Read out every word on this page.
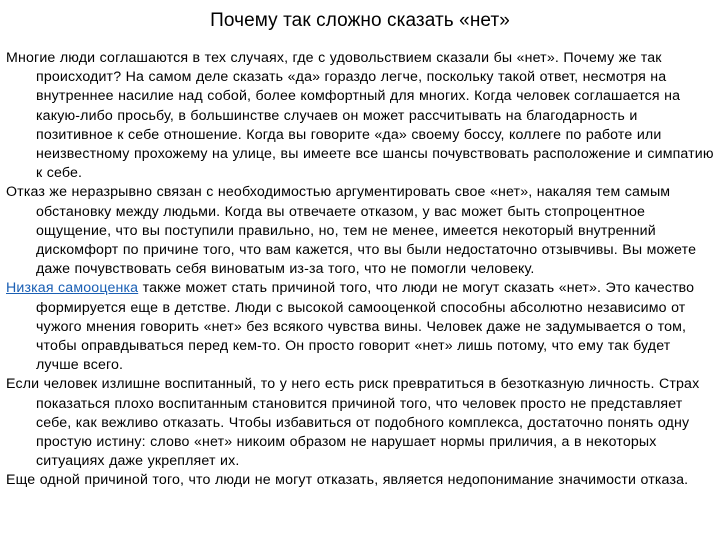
Почему так сложно сказать «нет»

Многие люди соглашаются в тех случаях, где с удовольствием сказали бы «нет». Почему же так происходит? На самом деле сказать «да» гораздо легче, поскольку такой ответ, несмотря на внутреннее насилие над собой, более комфортный для многих. Когда человек соглашается на какую-либо просьбу, в большинстве случаев он может рассчитывать на благодарность и позитивное к себе отношение. Когда вы говорите «да» своему боссу, коллеге по работе или неизвестному прохожему на улице, вы имеете все шансы почувствовать расположение и симпатию к себе.

Отказ же неразрывно связан с необходимостью аргументировать свое «нет», накаляя тем самым обстановку между людьми. Когда вы отвечаете отказом, у вас может быть стопроцентное ощущение, что вы поступили правильно, но, тем не менее, имеется некоторый внутренний дискомфорт по причине того, что вам кажется, что вы были недостаточно отзывчивы. Вы можете даже почувствовать себя виноватым из-за того, что не помогли человеку.

Низкая самооценка также может стать причиной того, что люди не могут сказать «нет». Это качество формируется еще в детстве. Люди с высокой самооценкой способны абсолютно независимо от чужого мнения говорить «нет» без всякого чувства вины. Человек даже не задумывается о том, чтобы оправдываться перед кем-то. Он просто говорит «нет» лишь потому, что ему так будет лучше всего.

Если человек излишне воспитанный, то у него есть риск превратиться в безотказную личность. Страх показаться плохо воспитанным становится причиной того, что человек просто не представляет себе, как вежливо отказать. Чтобы избавиться от подобного комплекса, достаточно понять одну простую истину: слово «нет» никоим образом не нарушает нормы приличия, а в некоторых ситуациях даже укрепляет их.

Еще одной причиной того, что люди не могут отказать, является недопонимание значимости отказа.
